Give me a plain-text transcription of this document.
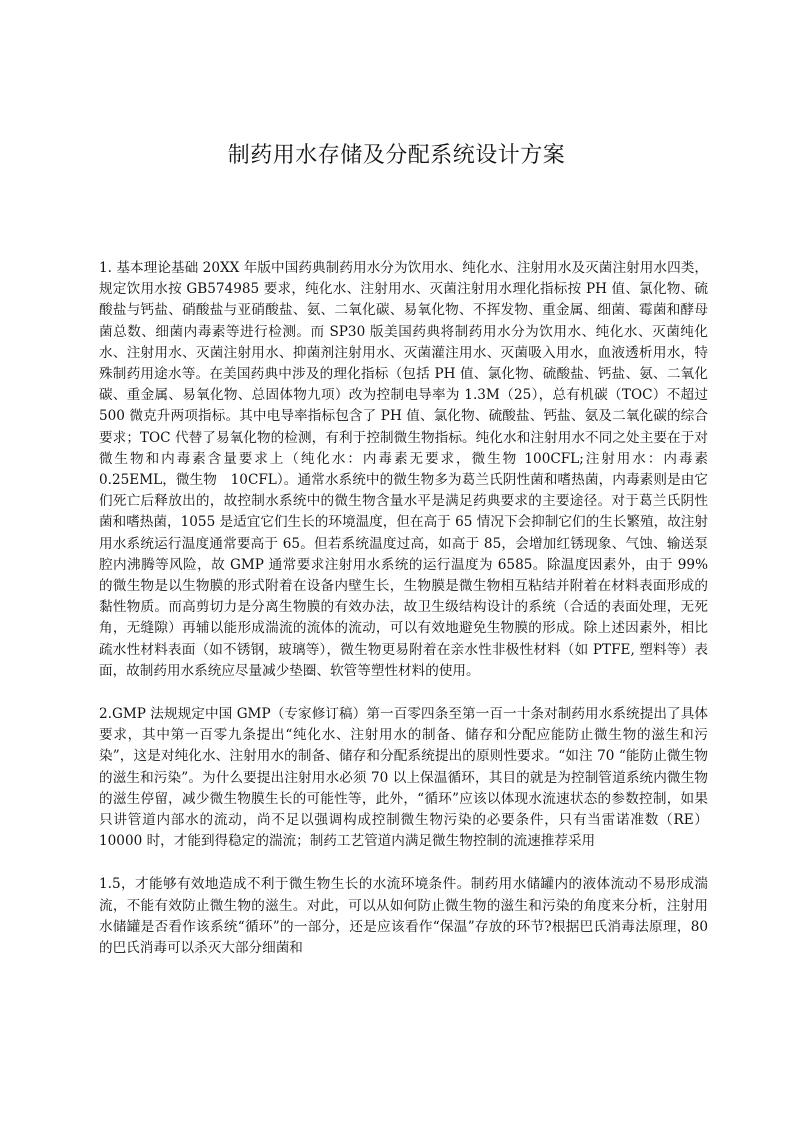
制药用水存储及分配系统设计方案

1. 基本理论基础 20XX 年版中国药典制药用水分为饮用水、纯化水、注射用水及灭菌注射用水四类，规定饮用水按 GB574985 要求，纯化水、注射用水、灭菌注射用水理化指标按 PH 值、氯化物、硫酸盐与钙盐、硝酸盐与亚硝酸盐、氨、二氧化碳、易氧化物、不挥发物、重金属、细菌、霉菌和酵母菌总数、细菌内毒素等进行检测。而 SP30 版美国药典将制药用水分为饮用水、纯化水、灭菌纯化水、注射用水、灭菌注射用水、抑菌剂注射用水、灭菌灌注用水、灭菌吸入用水，血液透析用水，特殊制药用途水等。在美国药典中涉及的理化指标（包括 PH 值、氯化物、硫酸盐、钙盐、氨、二氧化碳、重金属、易氧化物、总固体物九项）改为控制电导率为 1.3M（25），总有机碳（TOC）不超过 500 微克升两项指标。其中电导率指标包含了 PH 值、氯化物、硫酸盐、钙盐、氨及二氧化碳的综合要求；TOC 代替了易氧化物的检测，有利于控制微生物指标。纯化水和注射用水不同之处主要在于对微生物和内毒素含量要求上（纯化水：内毒素无要求，微生物 100CFL;注射用水：内毒素　 0.25EML，微生物　10CFL）。通常水系统中的微生物多为葛兰氏阴性菌和嗜热菌，内毒素则是由它们死亡后释放出的，故控制水系统中的微生物含量水平是满足药典要求的主要途径。对于葛兰氏阴性菌和嗜热菌，1055 是适宜它们生长的环境温度，但在高于 65 情况下会抑制它们的生长繁殖，故注射用水系统运行温度通常要高于 65。但若系统温度过高，如高于 85，会增加红锈现象、气蚀、输送泵腔内沸腾等风险，故 GMP 通常要求注射用水系统的运行温度为 6585。除温度因素外，由于 99% 的微生物是以生物膜的形式附着在设备内壁生长，生物膜是微生物相互粘结并附着在材料表面形成的黏性物质。而高剪切力是分离生物膜的有效办法，故卫生级结构设计的系统（合适的表面处理，无死角，无缝隙）再辅以能形成湍流的流体的流动，可以有效地避免生物膜的形成。除上述因素外，相比疏水性材料表面（如不锈钢，玻璃等），微生物更易附着在亲水性非极性材料（如 PTFE, 塑料等）表面，故制药用水系统应尽量减少垫圈、软管等塑性材料的使用。

2.GMP 法规规定中国 GMP（专家修订稿）第一百零四条至第一百一十条对制药用水系统提出了具体要求，其中第一百零九条提出“纯化水、注射用水的制备、储存和分配应能防止微生物的滋生和污染”，这是对纯化水、注射用水的制备、储存和分配系统提出的原则性要求。“如注 70 “能防止微生物的滋生和污染”。为什么要提出注射用水必须 70 以上保温循环，其目的就是为控制管道系统内微生物的滋生停留，减少微生物膜生长的可能性等，此外，“循环”应该以体现水流速状态的参数控制，如果只讲管道内部水的流动，尚不足以强调构成控制微生物污染的必要条件，只有当雷诺准数（RE）10000 时，才能到得稳定的湍流；制药工艺管道内满足微生物控制的流速推荐采用

1.5，才能够有效地造成不利于微生物生长的水流环境条件。制药用水储罐内的液体流动不易形成湍流，不能有效防止微生物的滋生。对此，可以从如何防止微生物的滋生和污染的角度来分析，注射用水储罐是否看作该系统“循环”的一部分，还是应该看作“保温”存放的环节?根据巴氏消毒法原理，80 的巴氏消毒可以杀灭大部分细菌和
